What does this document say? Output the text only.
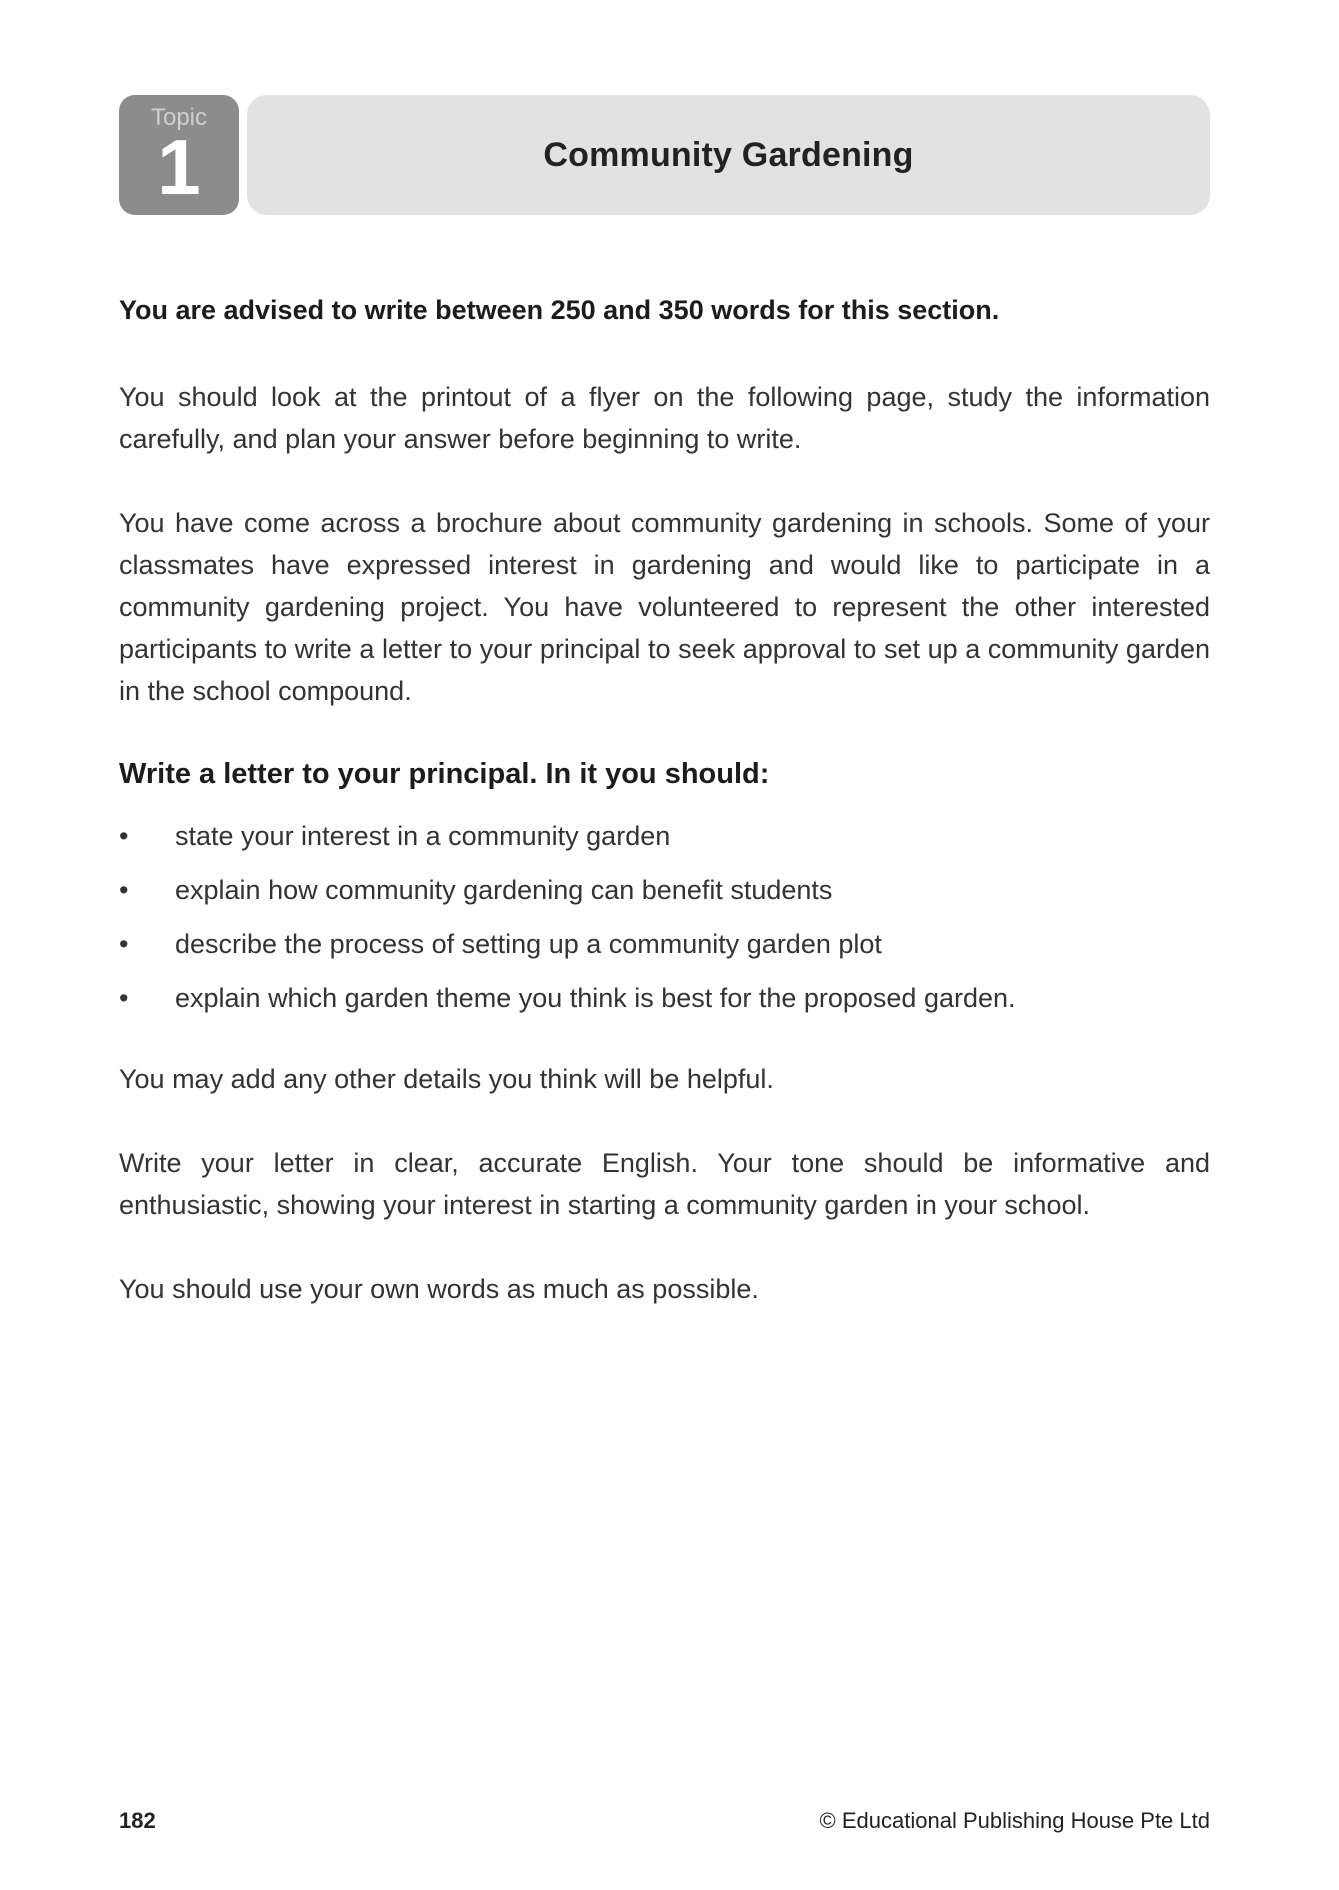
Topic
1	Community Gardening

You are advised to write between 250 and 350 words for this section.

You should look at the printout of a flyer on the following page, study the information carefully, and plan your answer before beginning to write.

You have come across a brochure about community gardening in schools. Some of your classmates have expressed interest in gardening and would like to participate in a community gardening project. You have volunteered to represent the other interested participants to write a letter to your principal to seek approval to set up a community garden in the school compound.

Write a letter to your principal. In it you should:

• state your interest in a community garden
• explain how community gardening can benefit students
• describe the process of setting up a community garden plot
• explain which garden theme you think is best for the proposed garden.

You may add any other details you think will be helpful.

Write your letter in clear, accurate English. Your tone should be informative and enthusiastic, showing your interest in starting a community garden in your school.

You should use your own words as much as possible.

182	© Educational Publishing House Pte Ltd
